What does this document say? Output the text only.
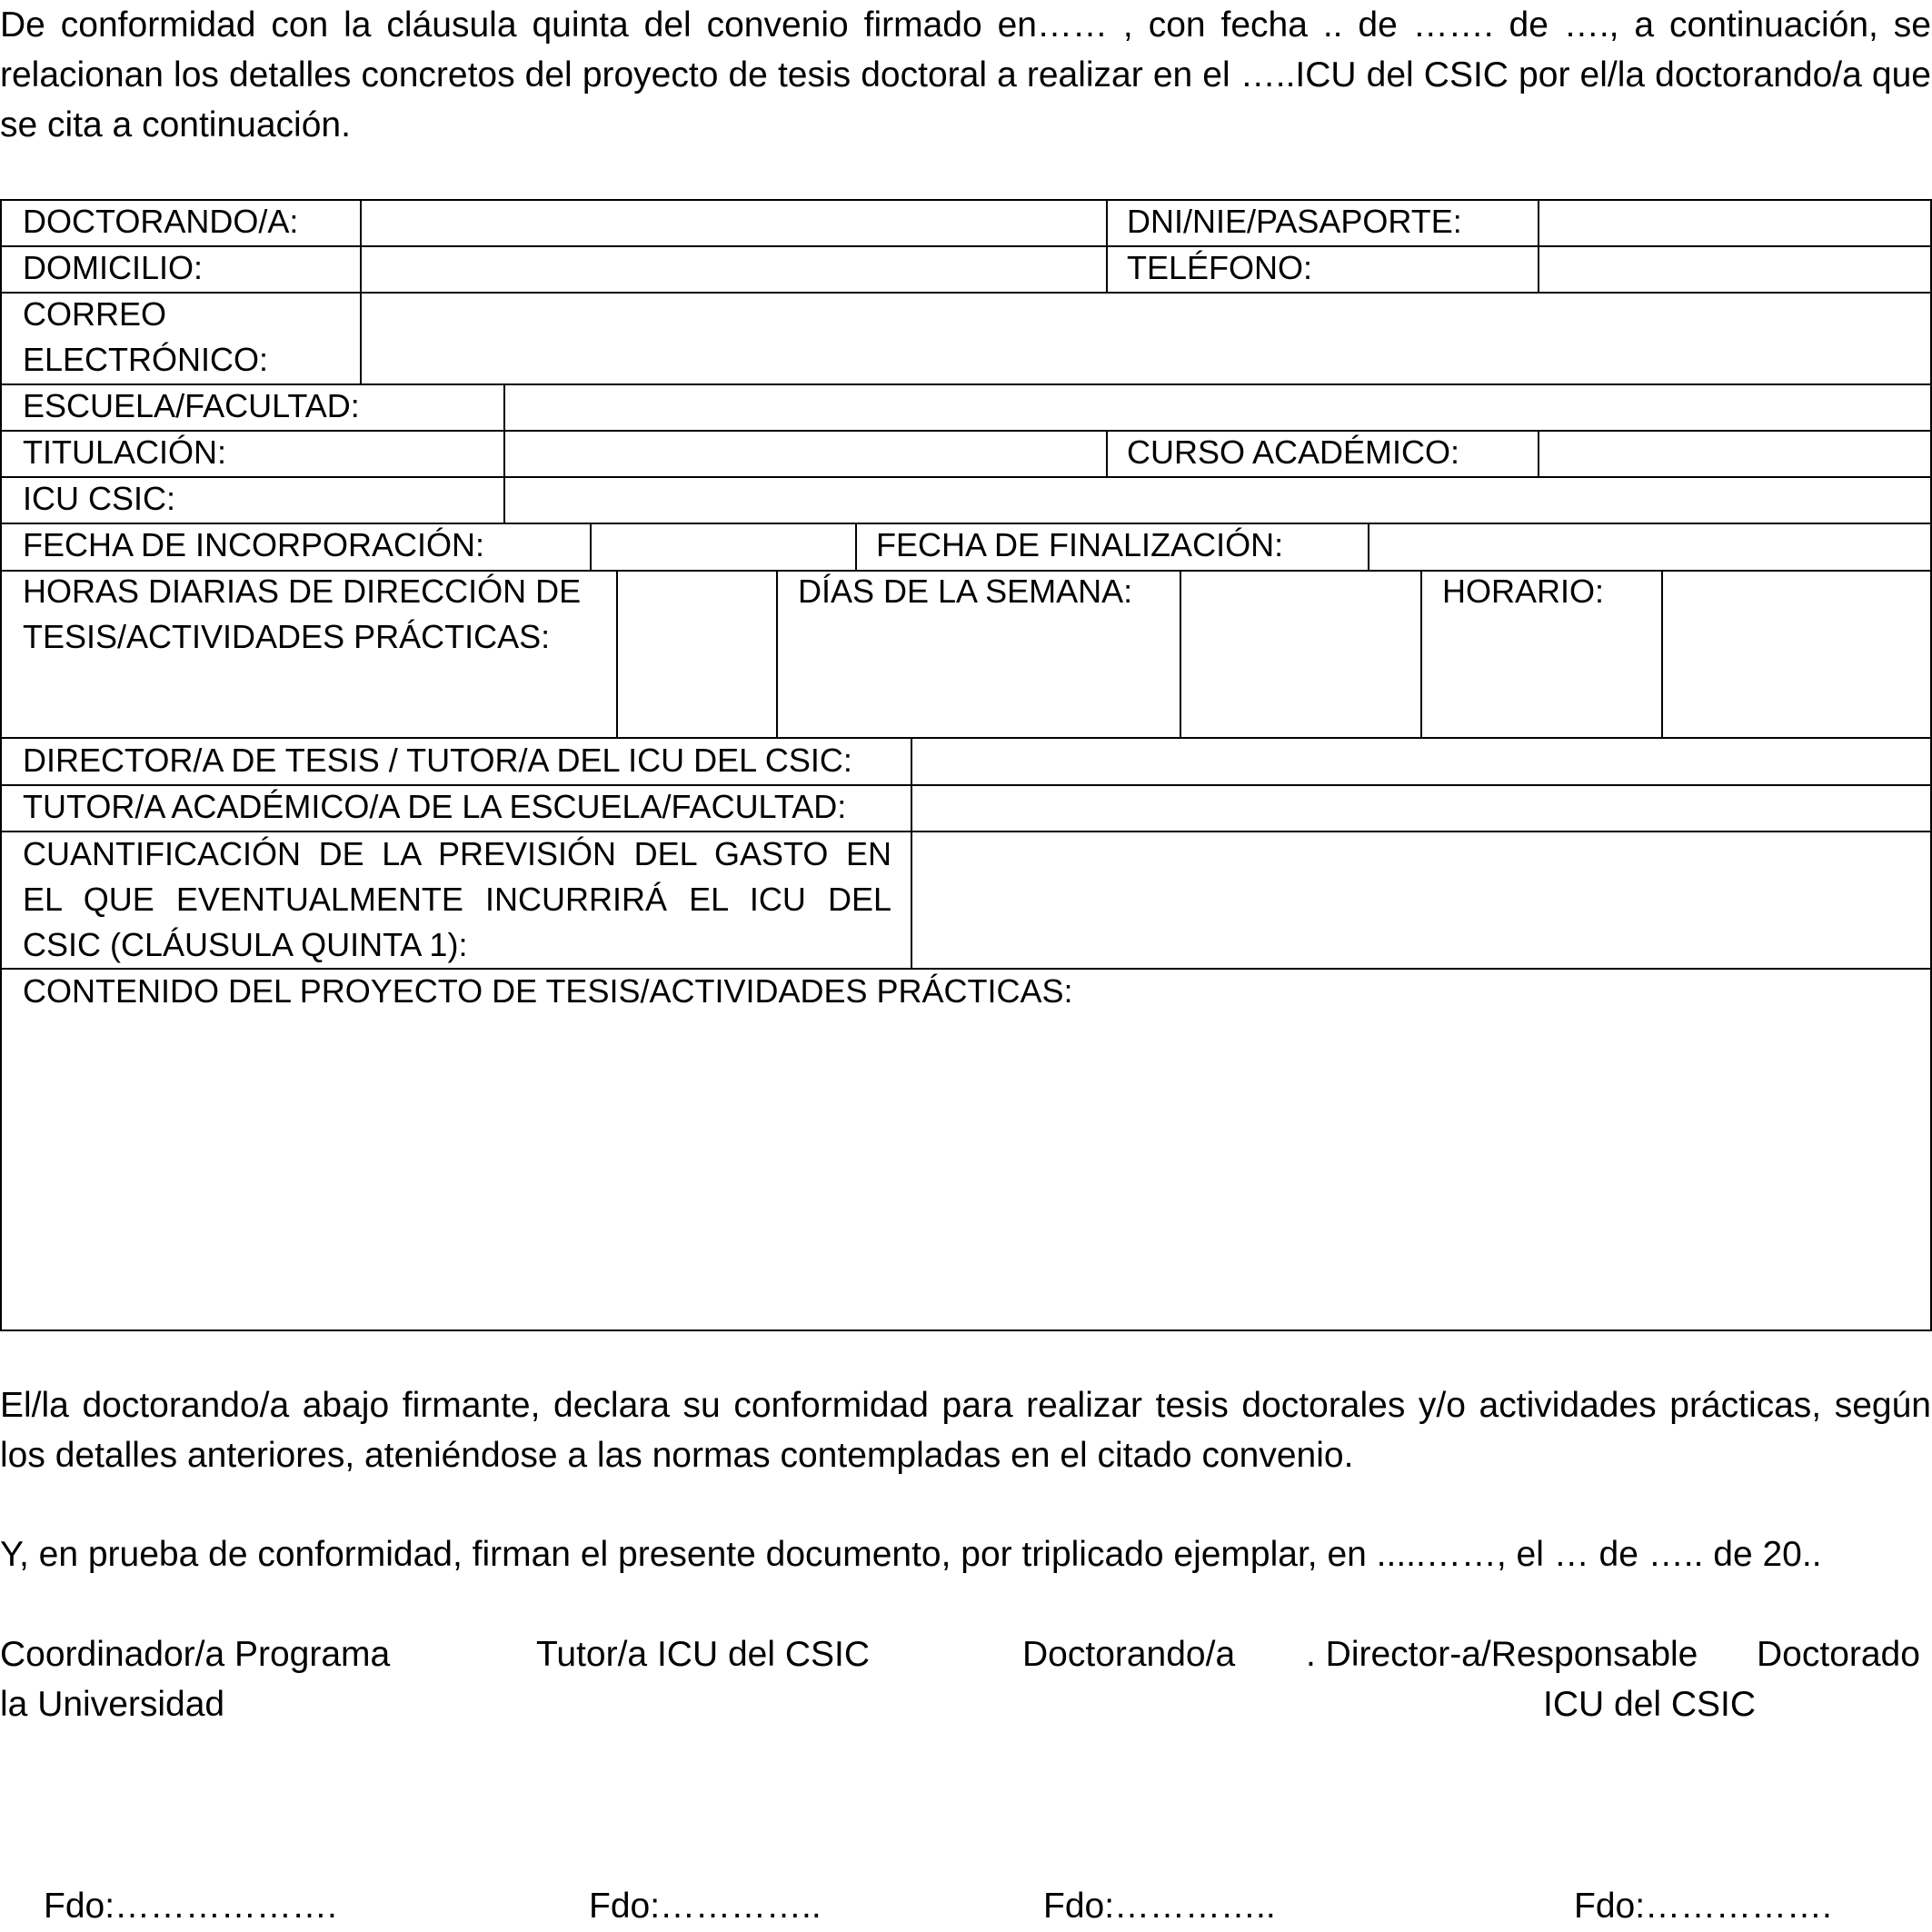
De conformidad con la cláusula quinta del convenio firmado en…… , con fecha .. de ……. de …., a continuación, se relacionan los detalles concretos del proyecto de tesis doctoral a realizar en el …..ICU del CSIC por el/la doctorando/a que se cita a continuación.

DOCTORANDO/A:	DNI/NIE/PASAPORTE:

DOMICILIO:	TELÉFONO:

CORREO

ELECTRÓNICO:

ESCUELA/FACULTAD:

TITULACIÓN:	CURSO ACADÉMICO:

ICU CSIC:

FECHA DE INCORPORACIÓN:	FECHA DE FINALIZACIÓN:

HORAS DIARIAS DE DIRECCIÓN DE

TESIS/ACTIVIDADES PRÁCTICAS:

DÍAS DE LA SEMANA:	HORARIO:

DIRECTOR/A DE TESIS / TUTOR/A DEL ICU DEL CSIC:

TUTOR/A ACADÉMICO/A DE LA ESCUELA/FACULTAD:

CUANTIFICACIÓN DE LA PREVISIÓN DEL GASTO EN

EL QUE EVENTUALMENTE INCURRIRÁ EL ICU DEL

CSIC (CLÁUSULA QUINTA 1):

CONTENIDO DEL PROYECTO DE TESIS/ACTIVIDADES PRÁCTICAS:

El/la doctorando/a abajo firmante, declara su conformidad para realizar tesis doctorales y/o actividades prácticas, según los detalles anteriores, ateniéndose a las normas contempladas en el citado convenio.

Y, en prueba de conformidad, firman el presente documento, por triplicado ejemplar, en .....……, el … de ….. de 20..

Coordinador/a Programa

la Universidad

Tutor/a ICU del CSIC	Doctorando/a . Director-a/Responsable

ICU del CSIC

Doctorado

Fdo:……………….	Fdo:…………..	Fdo:…………..	Fdo:…………….
